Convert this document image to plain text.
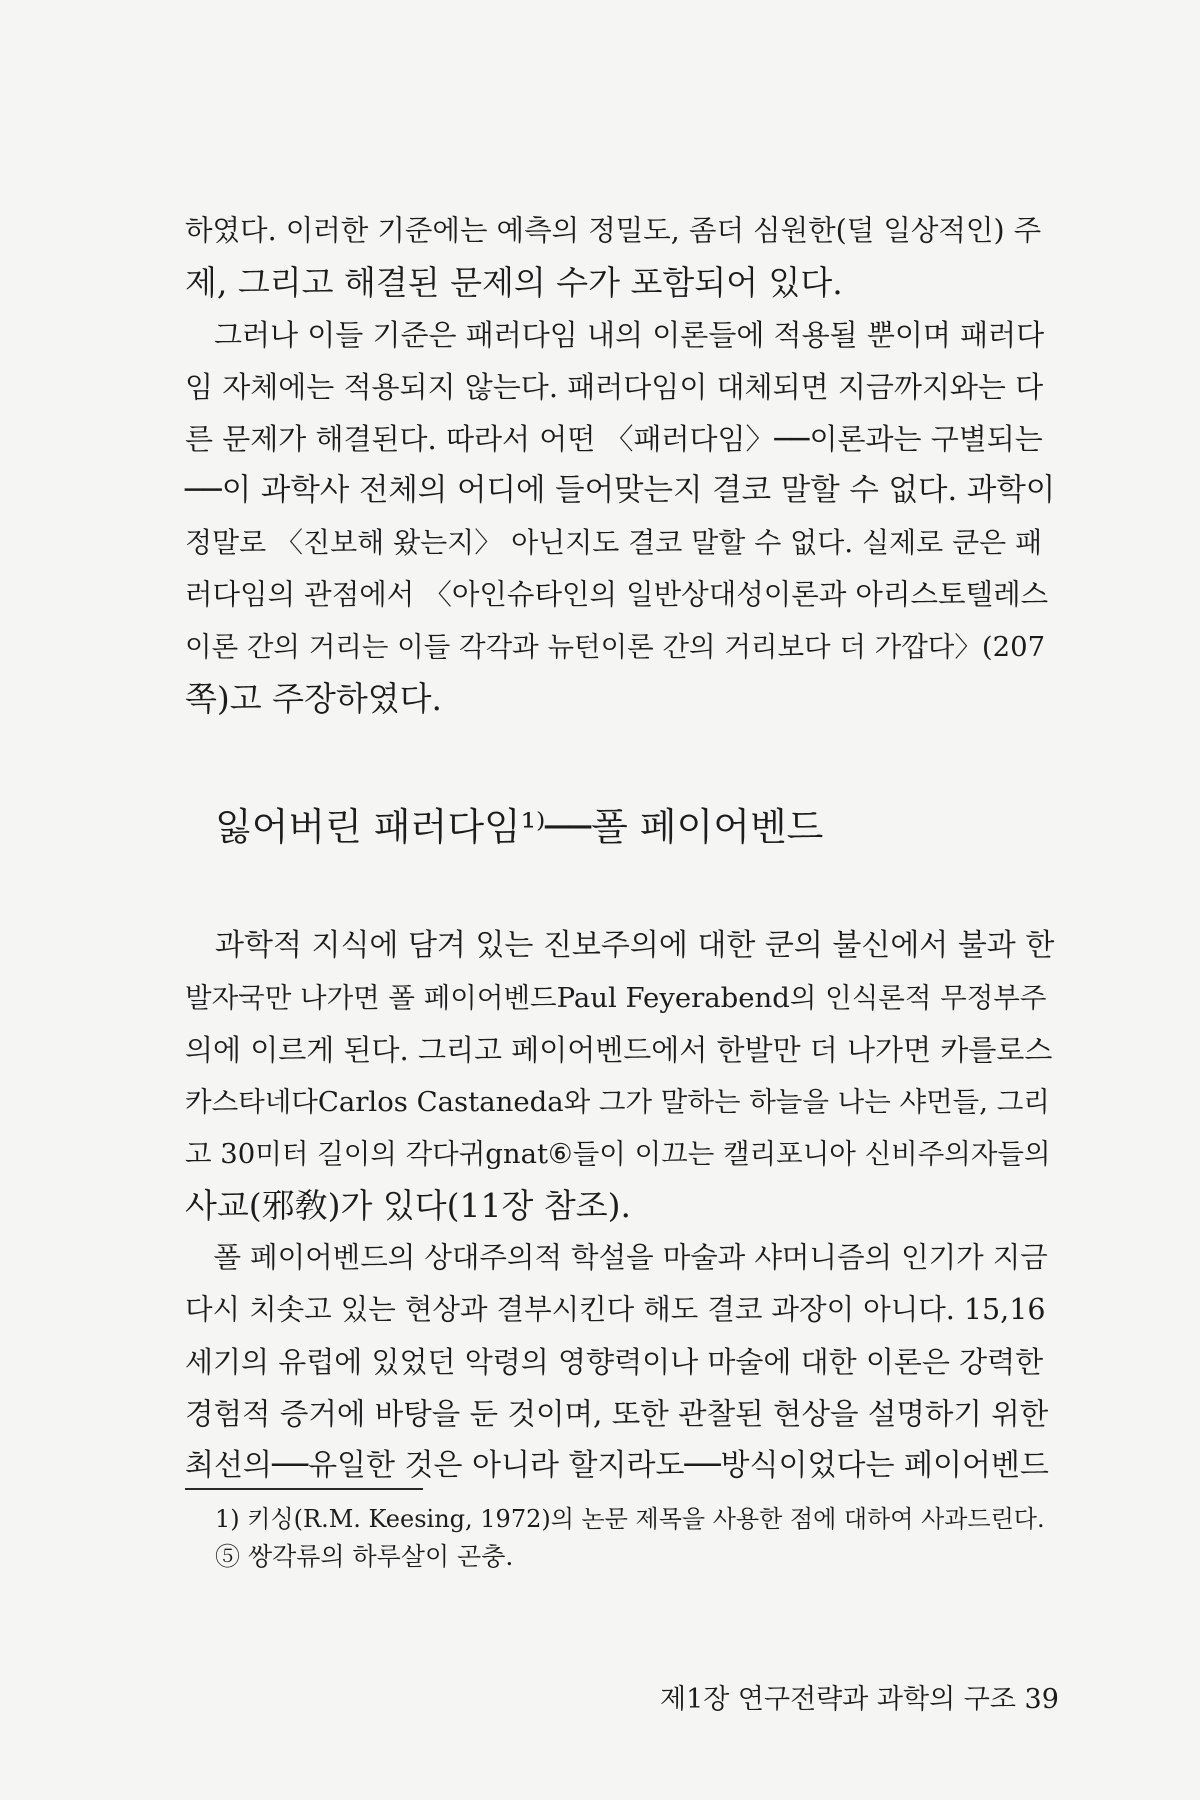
하였다. 이러한 기준에는 예측의 정밀도, 좀더 심원한(덜 일상적인) 주
제, 그리고 해결된 문제의 수가 포함되어 있다.
　그러나 이들 기준은 패러다임 내의 이론들에 적용될 뿐이며 패러다
임 자체에는 적용되지 않는다. 패러다임이 대체되면 지금까지와는 다
른 문제가 해결된다. 따라서 어떤 〈패러다임〉──이론과는 구별되는
──이 과학사 전체의 어디에 들어맞는지 결코 말할 수 없다. 과학이
정말로 〈진보해 왔는지〉 아닌지도 결코 말할 수 없다. 실제로 쿤은 패
러다임의 관점에서 〈아인슈타인의 일반상대성이론과 아리스토텔레스
이론 간의 거리는 이들 각각과 뉴턴이론 간의 거리보다 더 가깝다〉(207
쪽)고 주장하였다.
잃어버린 패러다임¹⁾──폴 페이어벤드
　과학적 지식에 담겨 있는 진보주의에 대한 쿤의 불신에서 불과 한
발자국만 나가면 폴 페이어벤드Paul Feyerabend의 인식론적 무정부주
의에 이르게 된다. 그리고 페이어벤드에서 한발만 더 나가면 카를로스
카스타네다Carlos Castaneda와 그가 말하는 하늘을 나는 샤먼들, 그리
고 30미터 길이의 각다귀gnat⑥들이 이끄는 캘리포니아 신비주의자들의
사교(邪敎)가 있다(11장 참조).
　폴 페이어벤드의 상대주의적 학설을 마술과 샤머니즘의 인기가 지금
다시 치솟고 있는 현상과 결부시킨다 해도 결코 과장이 아니다. 15,16
세기의 유럽에 있었던 악령의 영향력이나 마술에 대한 이론은 강력한
경험적 증거에 바탕을 둔 것이며, 또한 관찰된 현상을 설명하기 위한
최선의──유일한 것은 아니라 할지라도──방식이었다는 페이어벤드
1) 키싱(R.M. Keesing, 1972)의 논문 제목을 사용한 점에 대하여 사과드린다.
⑤ 쌍각류의 하루살이 곤충.
제1장 연구전략과 과학의 구조 39
